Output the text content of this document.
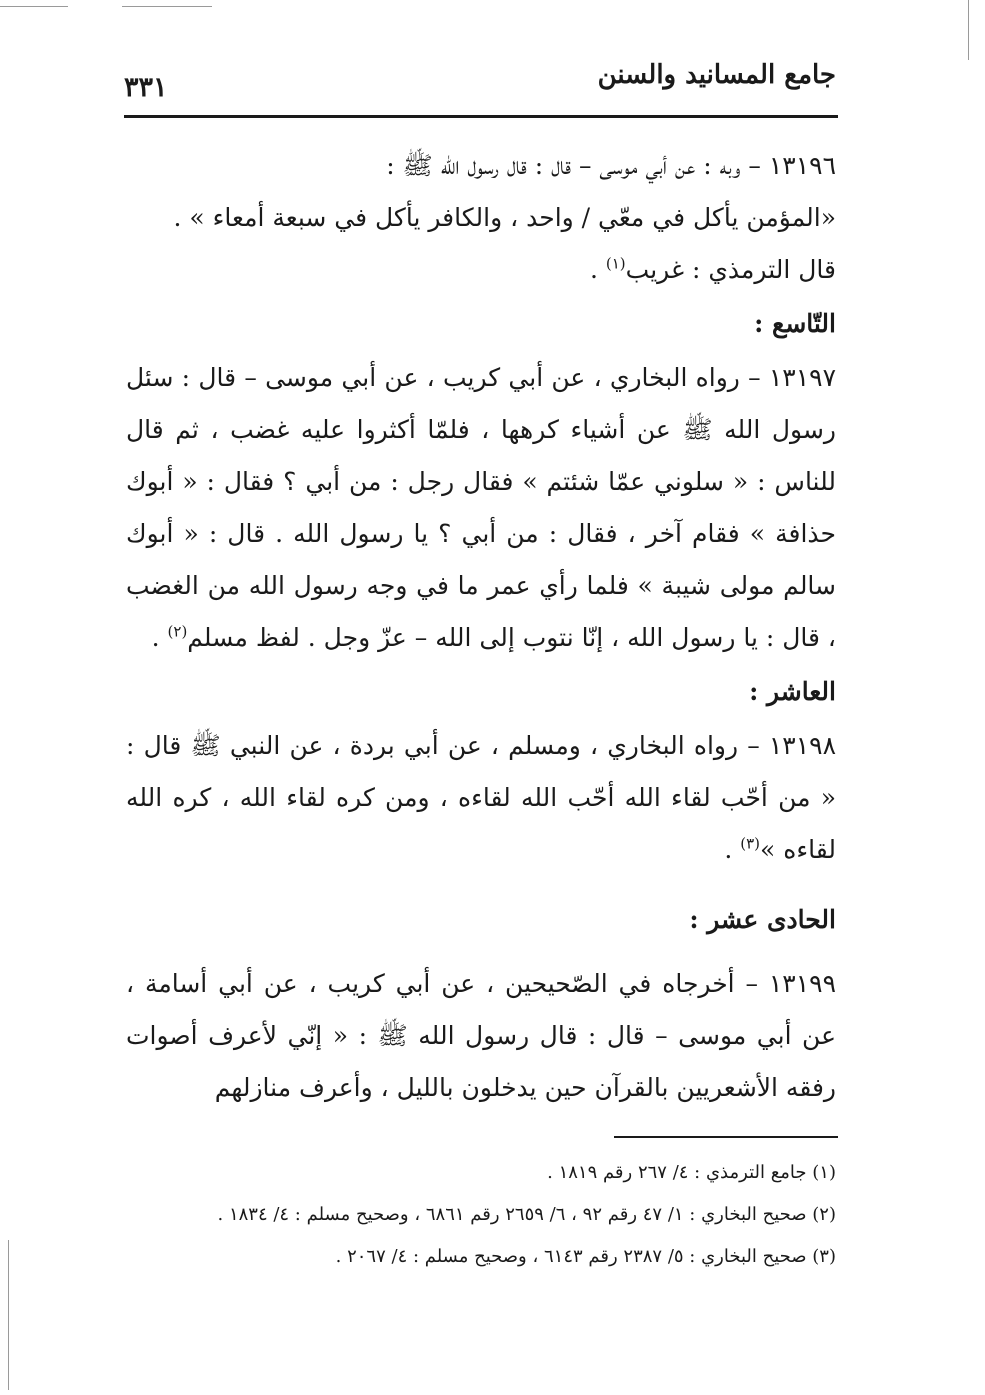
جامع المسانيد والسنن
٣٣١

١٣١٩٦ – وبه : عن أبي موسى – قال : قال رسول الله ﷺ :
«المؤمن يأكل في معّي / واحد ، والكافر يأكل في سبعة أمعاء » .
قال الترمذي : غريب$^{(١)}$ .

التّاسع :

١٣١٩٧ – رواه البخاري ، عن أبي كريب ، عن أبي موسى – قال : سئل رسول الله ﷺ عن أشياء كرهها ، فلمّا أكثروا عليه غضب ، ثم قال للناس : « سلوني عمّا شئتم » فقال رجل : من أبي ؟ فقال : « أبوك حذافة » فقام آخر ، فقال : من أبي ؟ يا رسول الله . قال : « أبوك سالم مولى شيبة » فلما رأي عمر ما في وجه رسول الله من الغضب ، قال : يا رسول الله ، إنّا نتوب إلى الله – عزّ وجل . لفظ مسلم$^{(٢)}$ .

العاشر :

١٣١٩٨ – رواه البخاري ، ومسلم ، عن أبي بردة ، عن النبي ﷺ قال : « من أحّب لقاء الله أحّب الله لقاءه ، ومن كره لقاء الله ، كره الله لقاءه »$^{(٣)}$ .

الحادى عشر :

١٣١٩٩ – أخرجاه في الصّحيحين ، عن أبي كريب ، عن أبي أسامة ، عن أبي موسى – قال : قال رسول الله ﷺ : « إنّي لأعرف أصوات رفقه الأشعريين بالقرآن حين يدخلون بالليل ، وأعرف منازلهم

(١) جامع الترمذي : ٤/ ٢٦٧ رقم ١٨١٩ .

(٢) صحيح البخاري : ١/ ٤٧ رقم ٩٢ ، ٦/ ٢٦٥٩ رقم ٦٨٦١ ، وصحيح مسلم : ٤/ ١٨٣٤ .

(٣) صحيح البخاري : ٥/ ٢٣٨٧ رقم ٦١٤٣ ، وصحيح مسلم : ٤/ ٢٠٦٧ .
